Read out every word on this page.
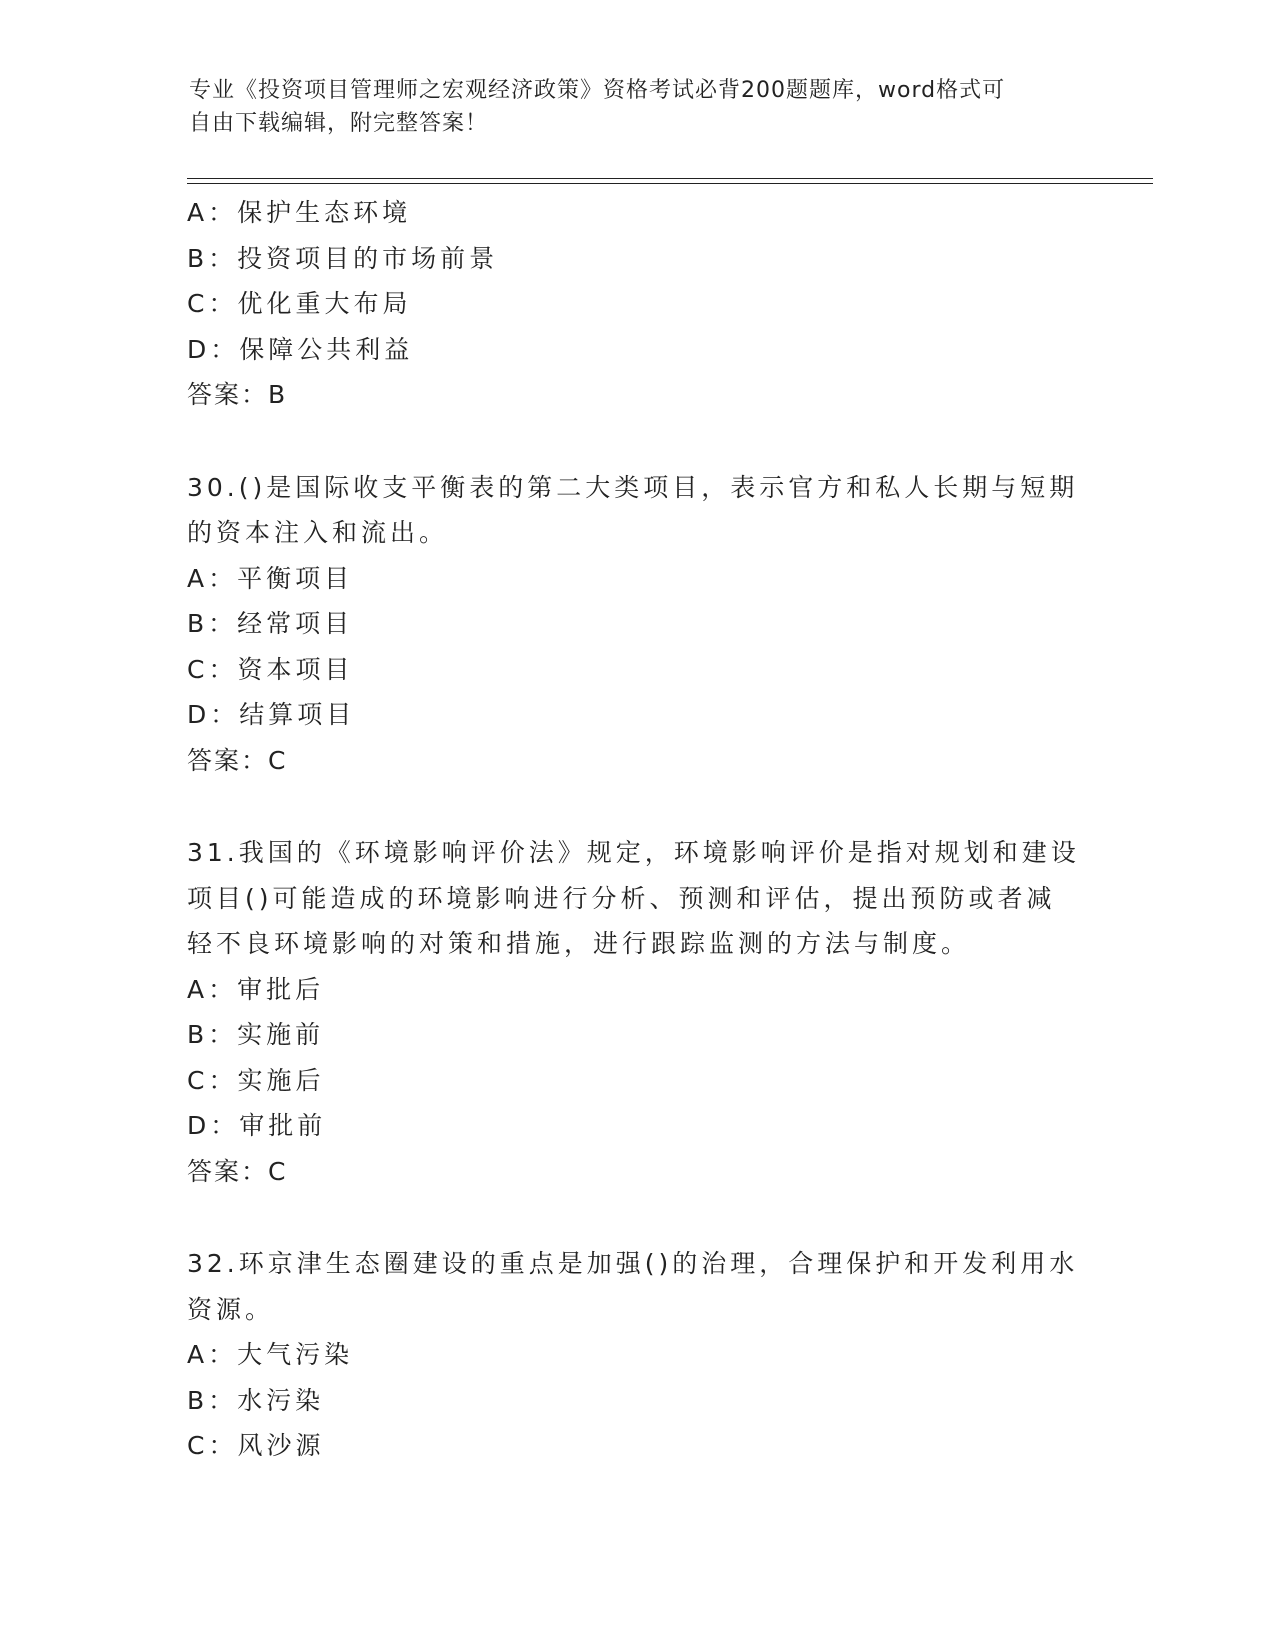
专业《投资项目管理师之宏观经济政策》资格考试必背200题题库，word格式可
自由下载编辑，附完整答案！
A：保护生态环境
B：投资项目的市场前景
C：优化重大布局
D：保障公共利益
答案：B
30.()是国际收支平衡表的第二大类项目，表示官方和私人长期与短期
的资本注入和流出。
A：平衡项目
B：经常项目
C：资本项目
D：结算项目
答案：C
31.我国的《环境影响评价法》规定，环境影响评价是指对规划和建设
项目()可能造成的环境影响进行分析、预测和评估，提出预防或者减
轻不良环境影响的对策和措施，进行跟踪监测的方法与制度。
A：审批后
B：实施前
C：实施后
D：审批前
答案：C
32.环京津生态圈建设的重点是加强()的治理，合理保护和开发利用水
资源。
A：大气污染
B：水污染
C：风沙源
